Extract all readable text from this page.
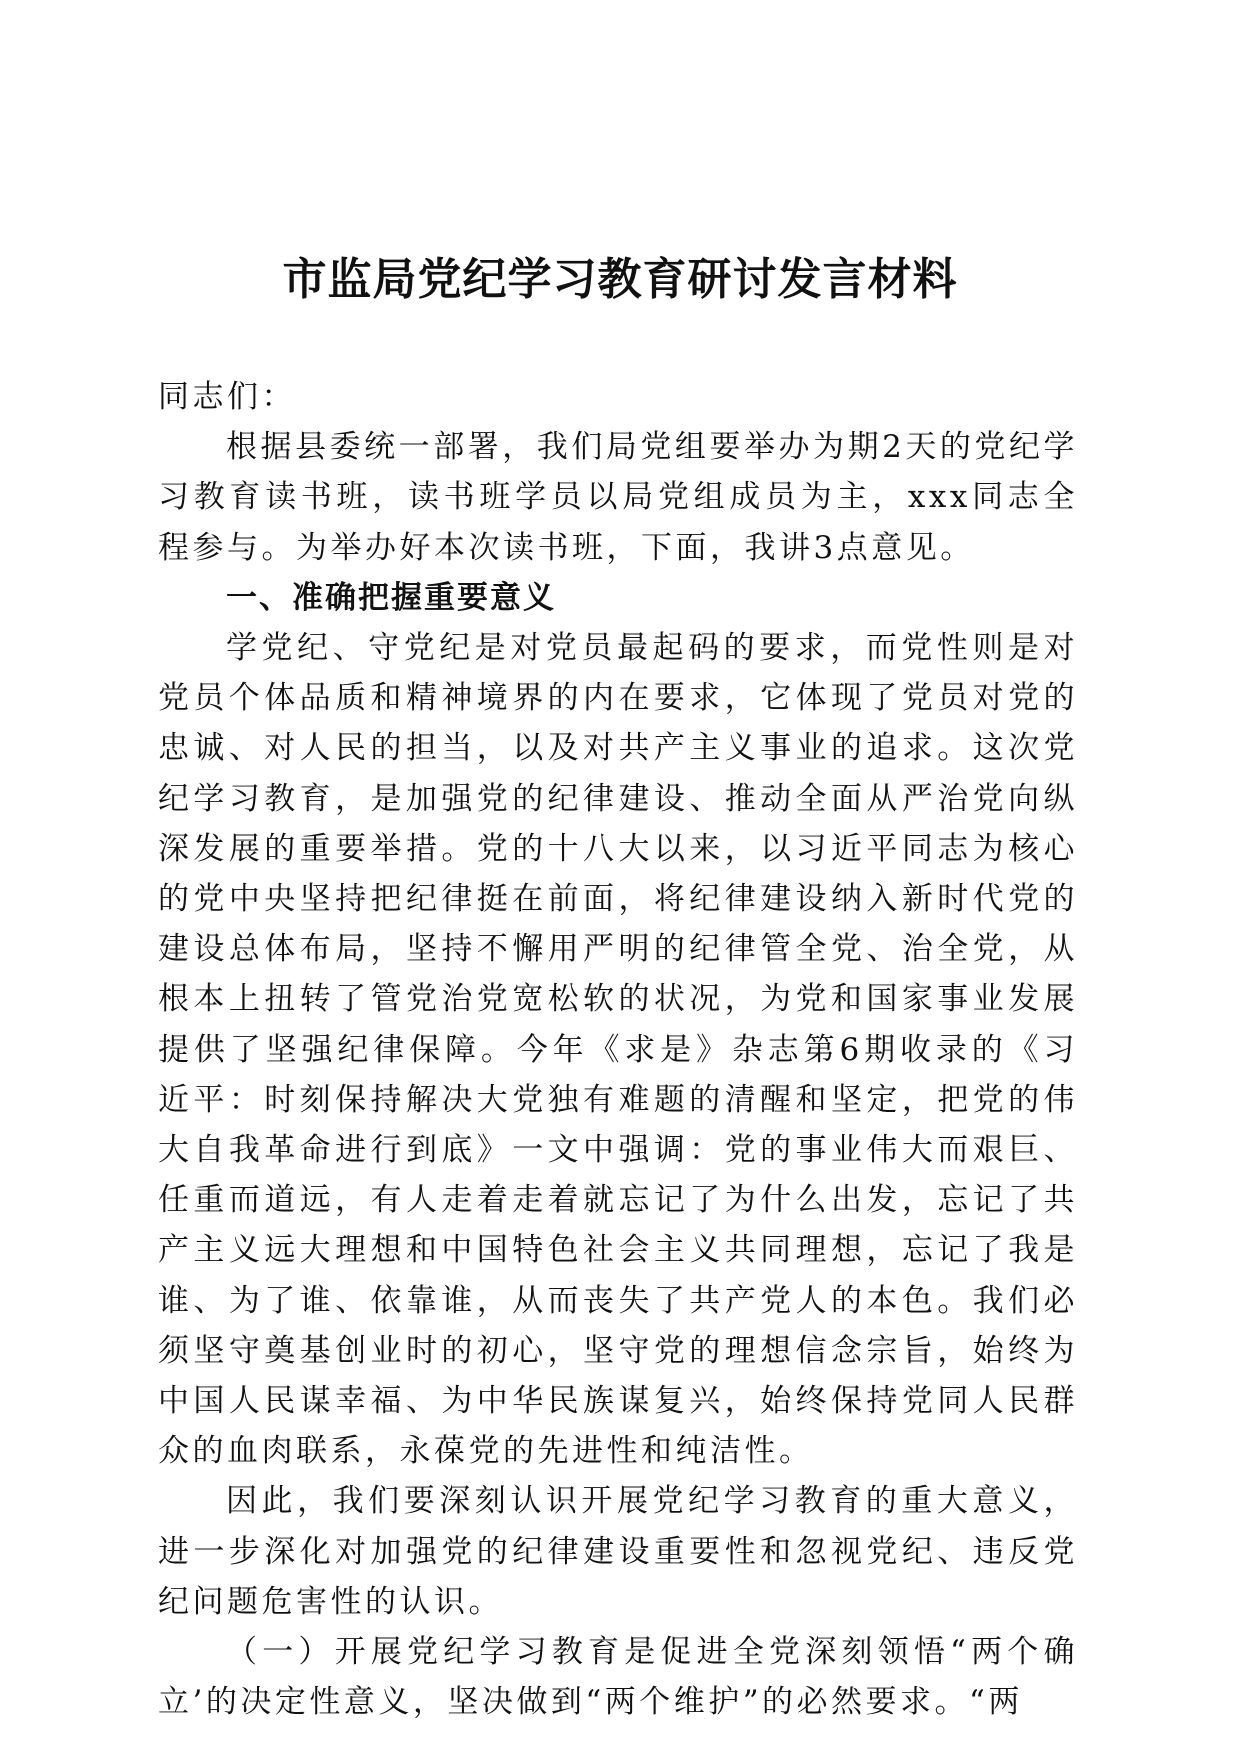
市监局党纪学习教育研讨发言材料

同志们：

根据县委统一部署，我们局党组要举办为期2天的党纪学习教育读书班，读书班学员以局党组成员为主，xxx同志全程参与。为举办好本次读书班，下面，我讲3点意见。

一、准确把握重要意义

学党纪、守党纪是对党员最起码的要求，而党性则是对党员个体品质和精神境界的内在要求，它体现了党员对党的忠诚、对人民的担当，以及对共产主义事业的追求。这次党纪学习教育，是加强党的纪律建设、推动全面从严治党向纵深发展的重要举措。党的十八大以来，以习近平同志为核心的党中央坚持把纪律挺在前面，将纪律建设纳入新时代党的建设总体布局，坚持不懈用严明的纪律管全党、治全党，从根本上扭转了管党治党宽松软的状况，为党和国家事业发展提供了坚强纪律保障。今年《求是》杂志第6期收录的《习近平：时刻保持解决大党独有难题的清醒和坚定，把党的伟大自我革命进行到底》一文中强调：党的事业伟大而艰巨、任重而道远，有人走着走着就忘记了为什么出发，忘记了共产主义远大理想和中国特色社会主义共同理想，忘记了我是谁、为了谁、依靠谁，从而丧失了共产党人的本色。我们必须坚守奠基创业时的初心，坚守党的理想信念宗旨，始终为中国人民谋幸福、为中华民族谋复兴，始终保持党同人民群众的血肉联系，永葆党的先进性和纯洁性。

因此，我们要深刻认识开展党纪学习教育的重大意义，进一步深化对加强党的纪律建设重要性和忽视党纪、违反党纪问题危害性的认识。

（一）开展党纪学习教育是促进全党深刻领悟“两个确立’的决定性意义，坚决做到“两个维护”的必然要求。“两
